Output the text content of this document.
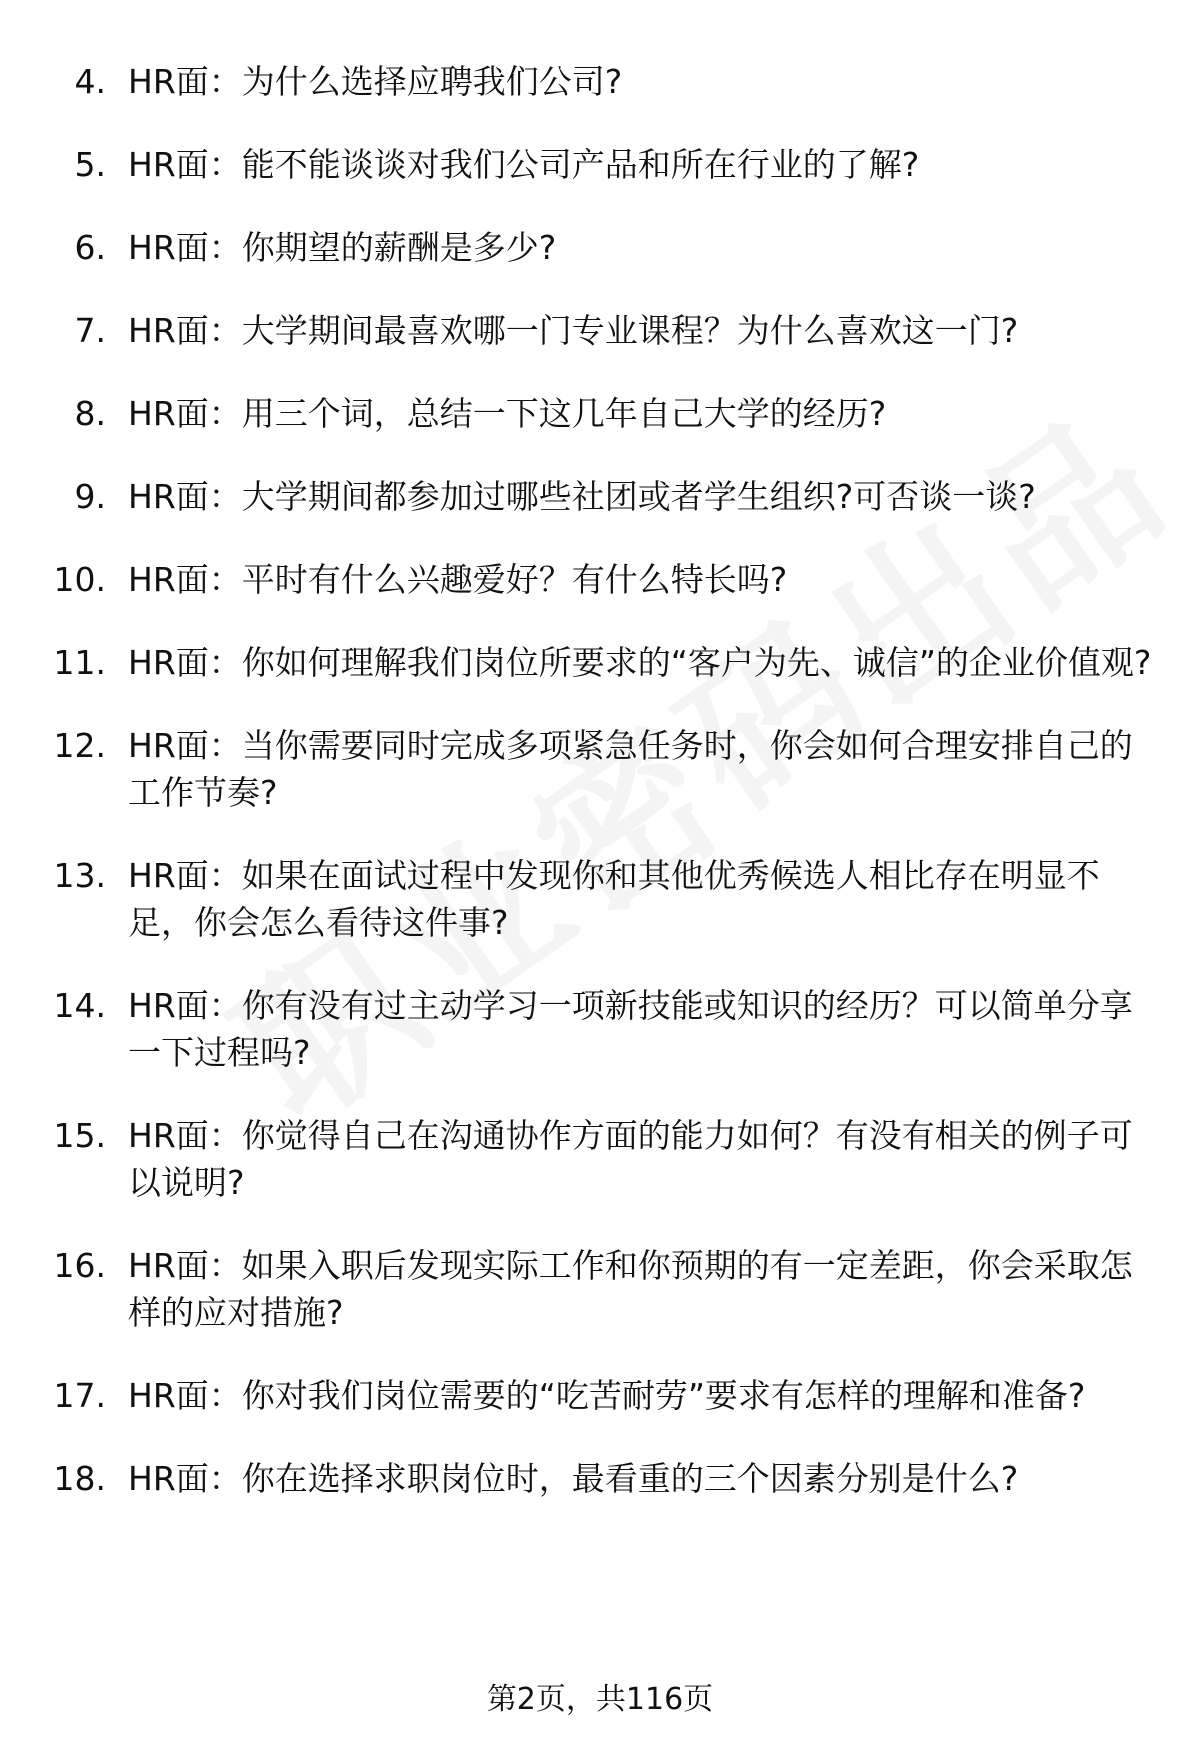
4. HR面：为什么选择应聘我们公司?
5. HR面：能不能谈谈对我们公司产品和所在行业的了解?
6. HR面：你期望的薪酬是多少?
7. HR面：大学期间最喜欢哪一门专业课程？为什么喜欢这一门?
8. HR面：用三个词，总结一下这几年自己大学的经历?
9. HR面：大学期间都参加过哪些社团或者学生组织?可否谈一谈?
10. HR面：平时有什么兴趣爱好？有什么特长吗?
11. HR面：你如何理解我们岗位所要求的“客户为先、诚信”的企业价值观?
12. HR面：当你需要同时完成多项紧急任务时，你会如何合理安排自己的工作节奏?
13. HR面：如果在面试过程中发现你和其他优秀候选人相比存在明显不足，你会怎么看待这件事?
14. HR面：你有没有过主动学习一项新技能或知识的经历？可以简单分享一下过程吗?
15. HR面：你觉得自己在沟通协作方面的能力如何？有没有相关的例子可以说明?
16. HR面：如果入职后发现实际工作和你预期的有一定差距，你会采取怎样的应对措施?
17. HR面：你对我们岗位需要的“吃苦耐劳”要求有怎样的理解和准备?
18. HR面：你在选择求职岗位时，最看重的三个因素分别是什么?
第2页，共116页
